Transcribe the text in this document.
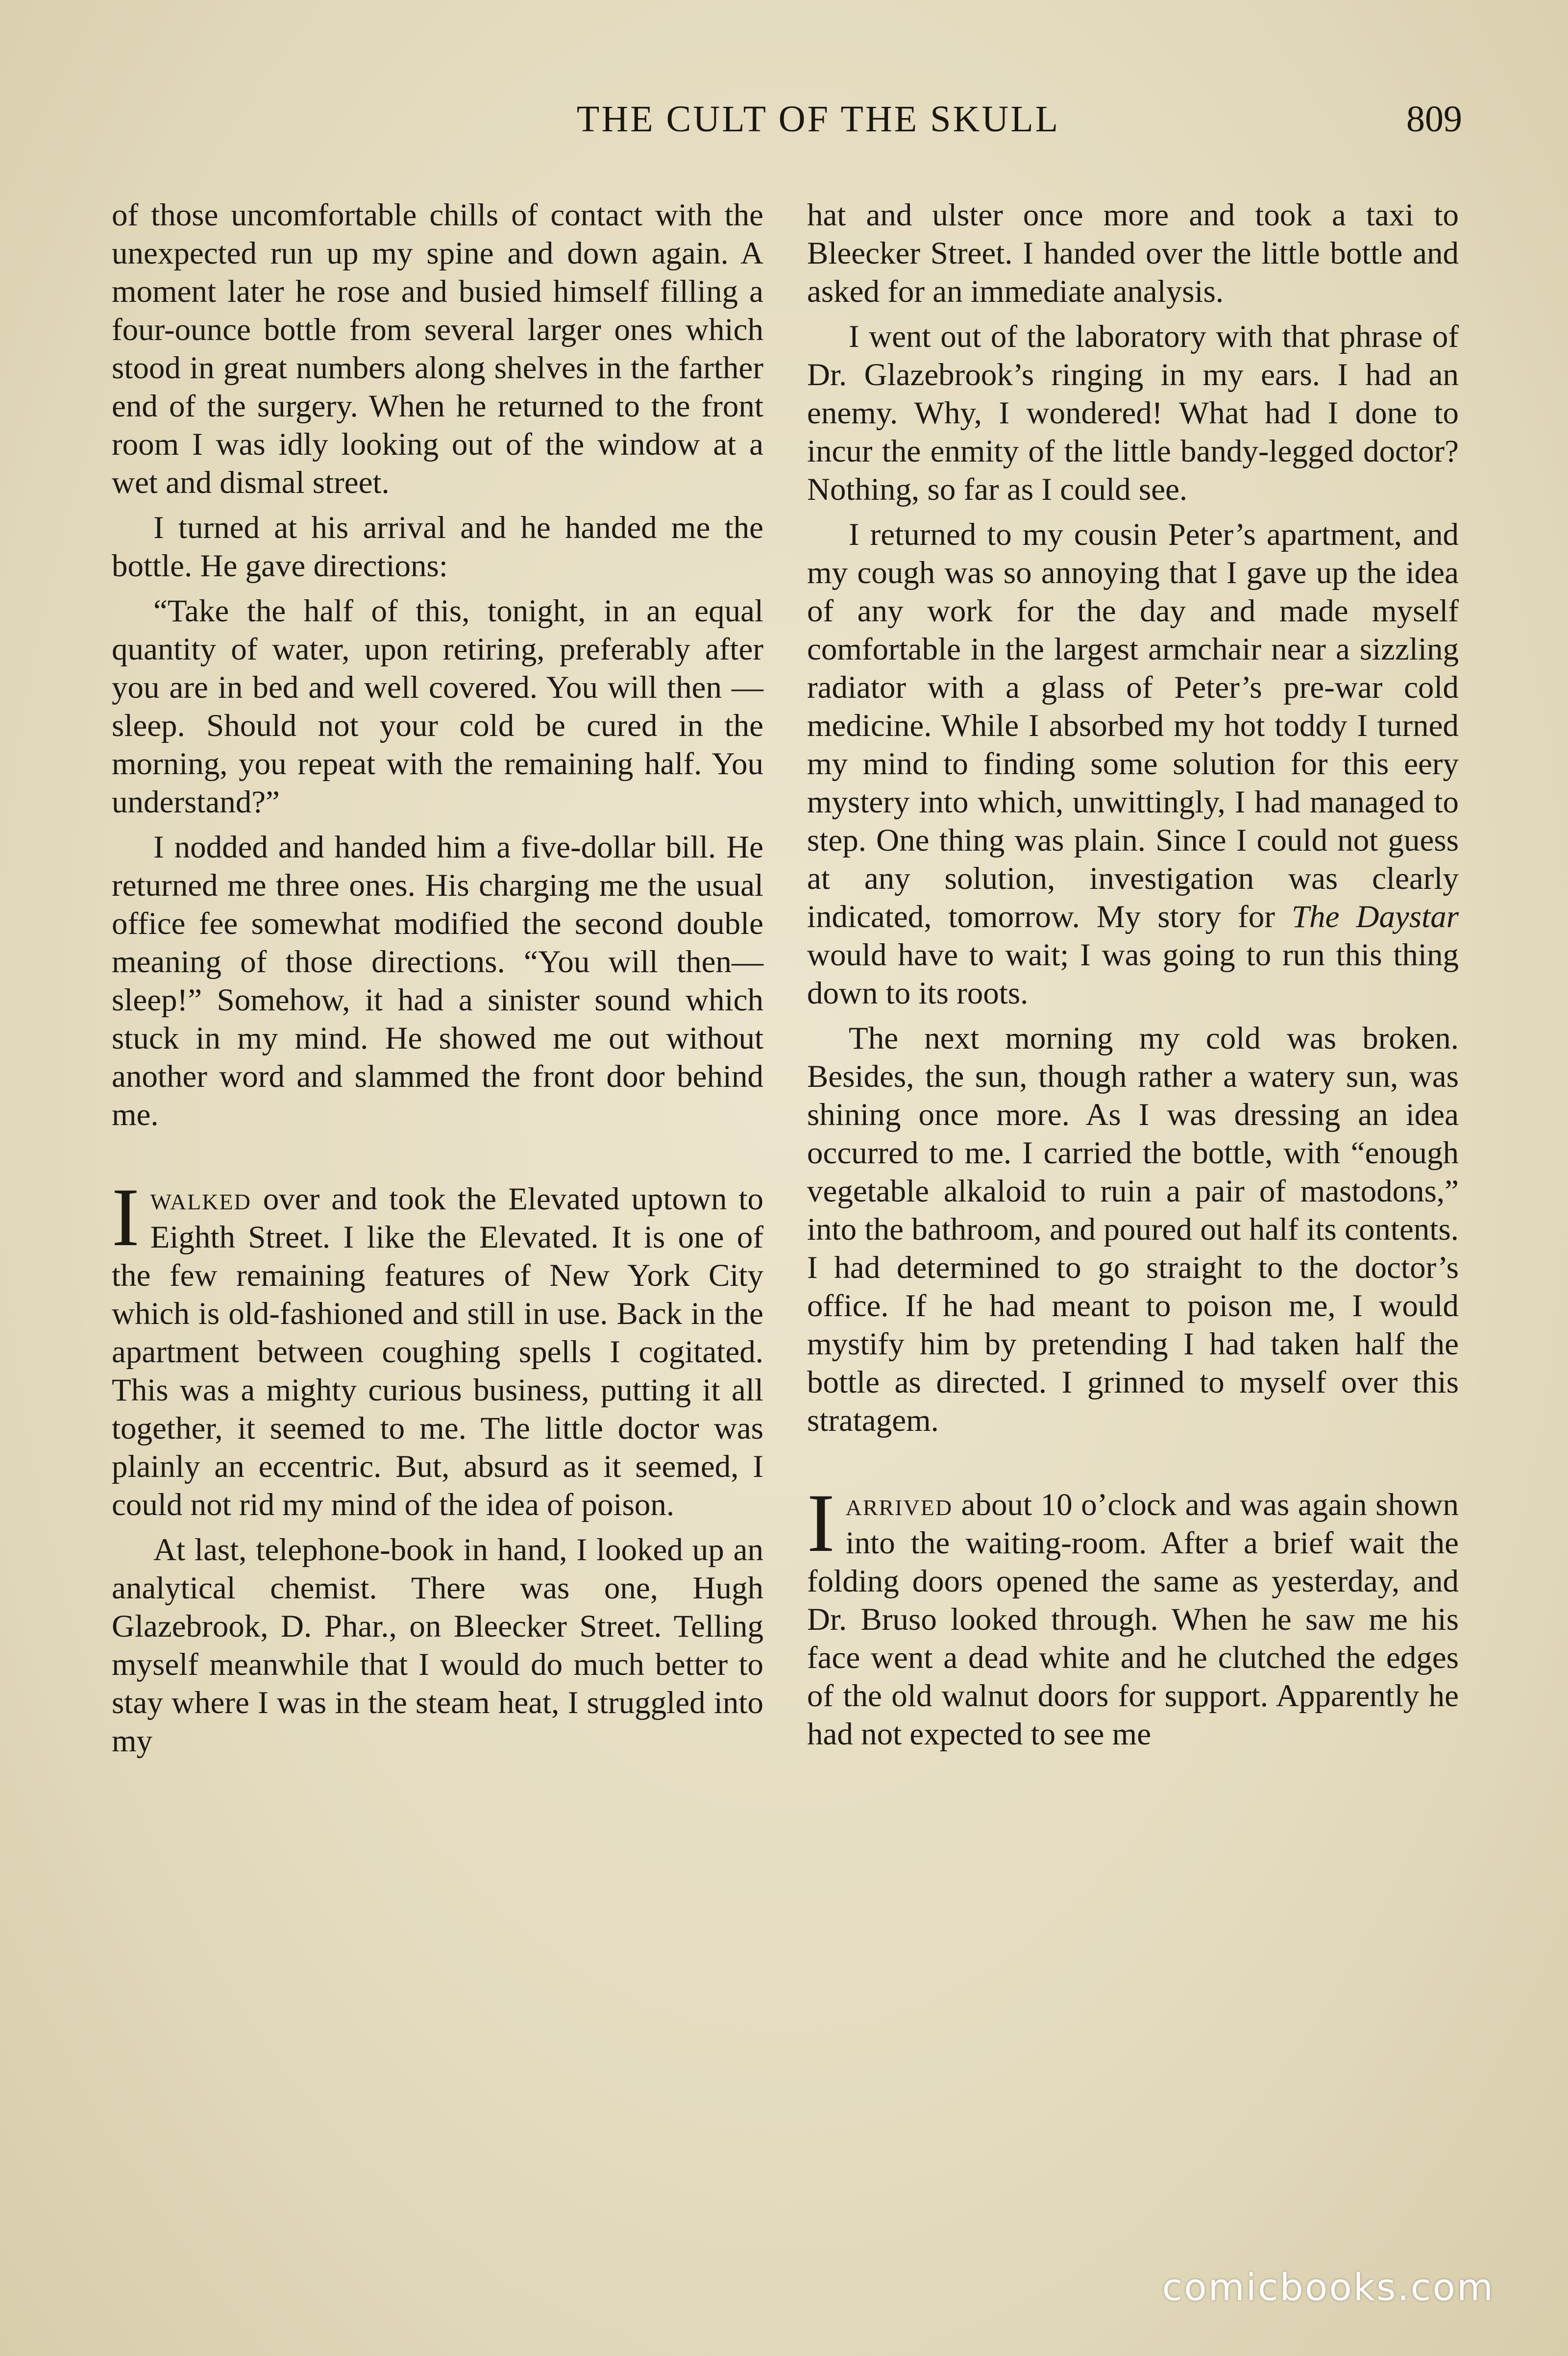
THE CULT OF THE SKULL	809

of those uncomfortable chills of contact with the unexpected run up my spine and down again. A moment later he rose and busied himself filling a four-ounce bottle from several larger ones which stood in great numbers along shelves in the farther end of the surgery. When he returned to the front room I was idly looking out of the window at a wet and dismal street.

I turned at his arrival and he handed me the bottle. He gave directions:

“Take the half of this, tonight, in an equal quantity of water, upon retiring, preferably after you are in bed and well covered. You will then —sleep. Should not your cold be cured in the morning, you repeat with the remaining half. You understand?”

I nodded and handed him a five-dollar bill. He returned me three ones. His charging me the usual office fee somewhat modified the second double meaning of those directions. “You will then—sleep!” Somehow, it had a sinister sound which stuck in my mind. He showed me out without another word and slammed the front door behind me.

Iwalked over and took the Elevated uptown to Eighth Street. I like the Elevated. It is one of the few remaining features of New York City which is old-fashioned and still in use. Back in the apartment between coughing spells I cogitated. This was a mighty curious business, putting it all together, it seemed to me. The little doctor was plainly an eccentric. But, absurd as it seemed, I could not rid my mind of the idea of poison.

At last, telephone-book in hand, I looked up an analytical chemist. There was one, Hugh Glazebrook, D. Phar., on Bleecker Street. Telling myself meanwhile that I would do much better to stay where I was in the steam heat, I struggled into my

hat and ulster once more and took a taxi to Bleecker Street. I handed over the little bottle and asked for an immediate analysis.

I went out of the laboratory with that phrase of Dr. Glazebrook’s ringing in my ears. I had an enemy. Why, I wondered! What had I done to incur the enmity of the little bandy-legged doctor? Nothing, so far as I could see.

I returned to my cousin Peter’s apartment, and my cough was so annoying that I gave up the idea of any work for the day and made myself comfortable in the largest armchair near a sizzling radiator with a glass of Peter’s pre-war cold medicine. While I absorbed my hot toddy I turned my mind to finding some solution for this eery mystery into which, unwittingly, I had managed to step. One thing was plain. Since I could not guess at any solution, investigation was clearly indicated, tomorrow. My story for The Daystar would have to wait; I was going to run this thing down to its roots.

The next morning my cold was broken. Besides, the sun, though rather a watery sun, was shining once more. As I was dressing an idea occurred to me. I carried the bottle, with “enough vegetable alkaloid to ruin a pair of mastodons,” into the bathroom, and poured out half its contents. I had determined to go straight to the doctor’s office. If he had meant to poison me, I would mystify him by pretending I had taken half the bottle as directed. I grinned to myself over this stratagem.

Iarrived about 10 o’clock and was again shown into the waiting-room. After a brief wait the folding doors opened the same as yesterday, and Dr. Bruso looked through. When he saw me his face went a dead white and he clutched the edges of the old walnut doors for support. Apparently he had not expected to see me

comicbooks.com
